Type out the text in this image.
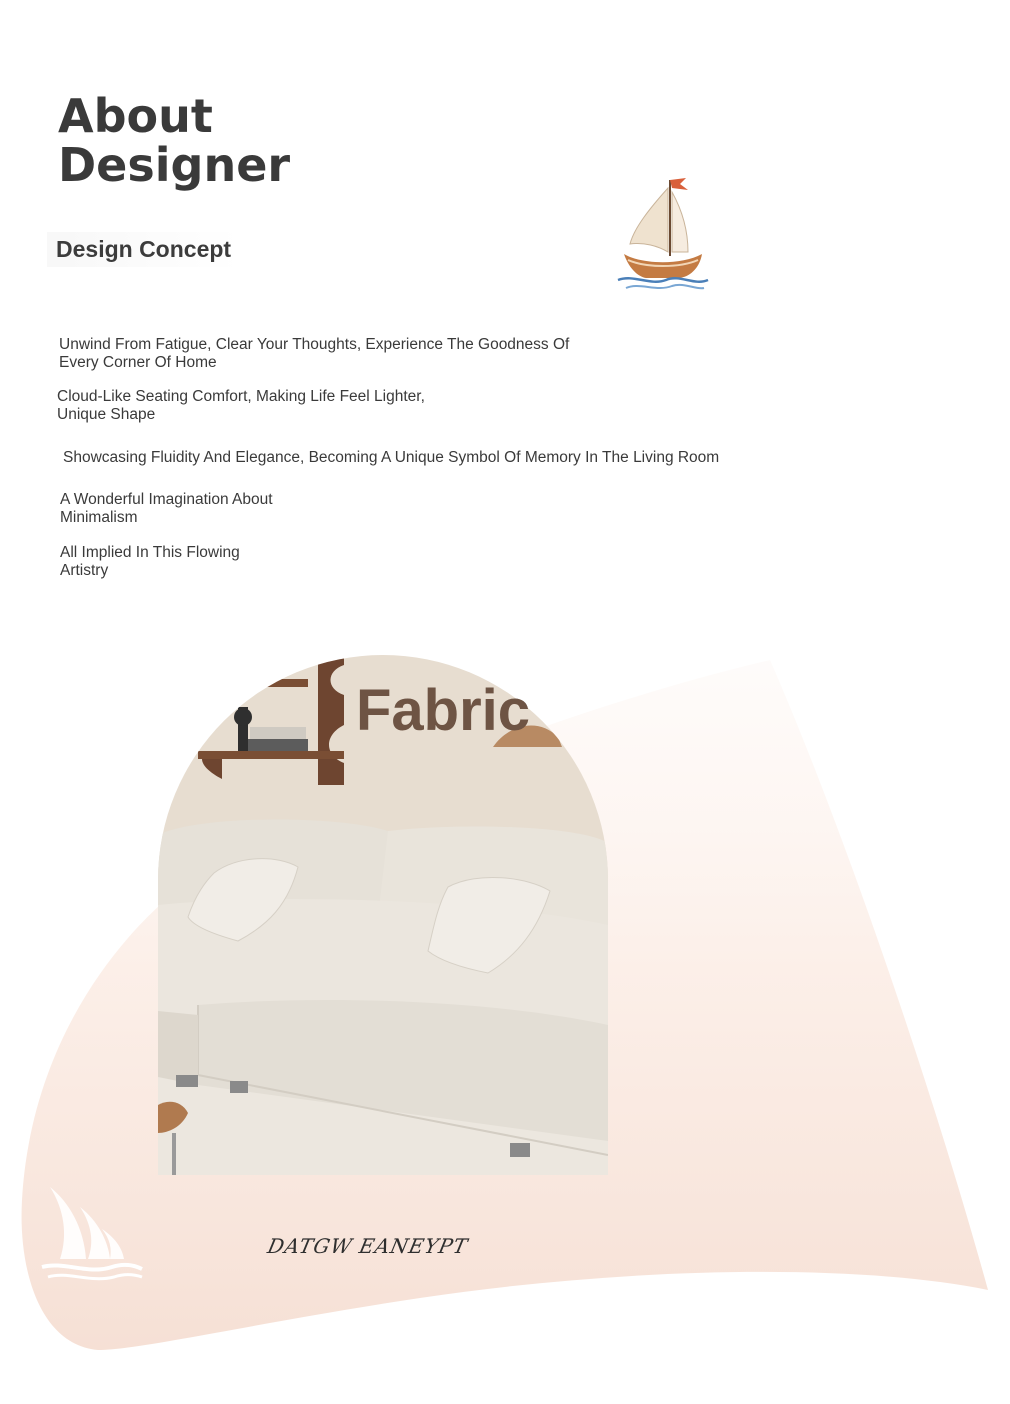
About
Designer
Design Concept
Unwind From Fatigue, Clear Your Thoughts, Experience The Goodness Of
Every Corner Of Home
Cloud-Like Seating Comfort, Making Life Feel Lighter,
Unique Shape
Showcasing Fluidity And Elegance, Becoming A Unique Symbol Of Memory In The Living Room
A Wonderful Imagination About
Minimalism
All Implied In This Flowing
Artistry
Fabric
DATGW EANEYPT
